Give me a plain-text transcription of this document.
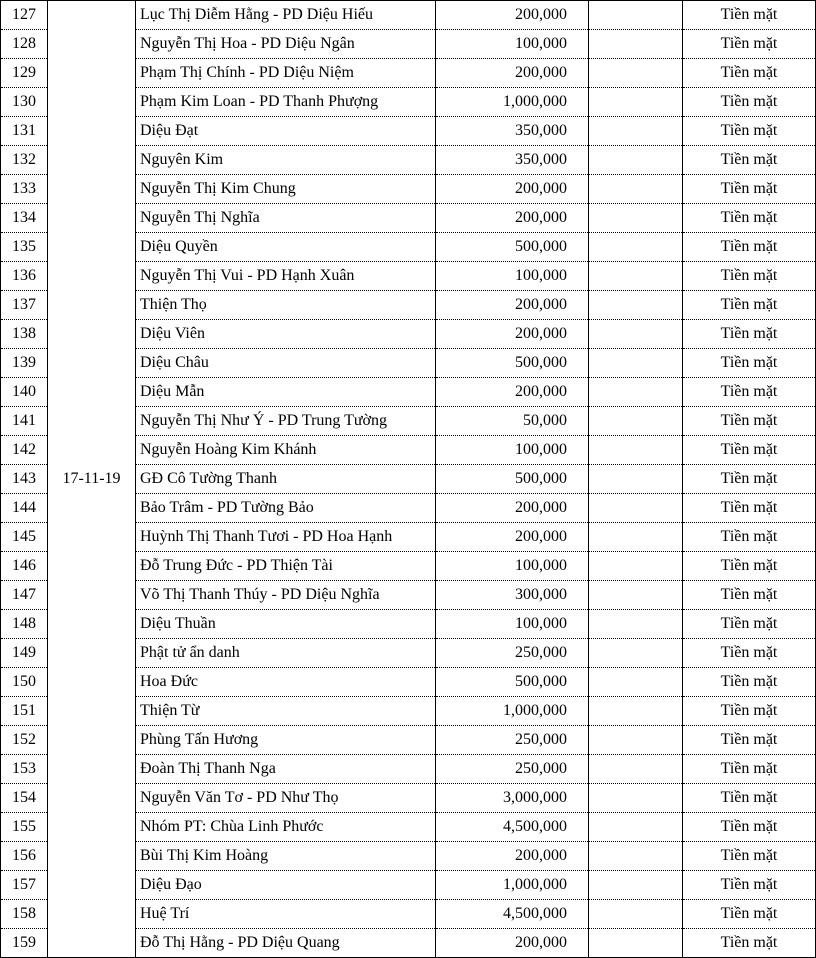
127	17-11-19	Lục Thị Diễm Hằng - PD Diệu Hiếu	200,000		Tiền mặt
128		Nguyễn Thị Hoa - PD Diệu Ngân	100,000		Tiền mặt
129		Phạm Thị Chính - PD Diệu Niệm	200,000		Tiền mặt
130		Phạm Kim Loan - PD Thanh Phượng	1,000,000		Tiền mặt
131		Diệu Đạt	350,000		Tiền mặt
132		Nguyên Kim	350,000		Tiền mặt
133		Nguyễn Thị Kim Chung	200,000		Tiền mặt
134		Nguyễn Thị Nghĩa	200,000		Tiền mặt
135		Diệu Quyền	500,000		Tiền mặt
136		Nguyễn Thị Vui - PD Hạnh Xuân	100,000		Tiền mặt
137		Thiện Thọ	200,000		Tiền mặt
138		Diệu Viên	200,000		Tiền mặt
139		Diệu Châu	500,000		Tiền mặt
140		Diệu Mẫn	200,000		Tiền mặt
141		Nguyễn Thị Như Ý - PD Trung Tường	50,000		Tiền mặt
142		Nguyễn Hoàng Kim Khánh	100,000		Tiền mặt
143		GĐ Cô Tường Thanh	500,000		Tiền mặt
144		Bảo Trâm - PD Tường Bảo	200,000		Tiền mặt
145		Huỳnh Thị Thanh Tươi - PD Hoa Hạnh	200,000		Tiền mặt
146		Đỗ Trung Đức - PD Thiện Tài	100,000		Tiền mặt
147		Võ Thị Thanh Thúy - PD Diệu Nghĩa	300,000		Tiền mặt
148		Diệu Thuần	100,000		Tiền mặt
149		Phật tử ẩn danh	250,000		Tiền mặt
150		Hoa Đức	500,000		Tiền mặt
151		Thiện Từ	1,000,000		Tiền mặt
152		Phùng Tấn Hương	250,000		Tiền mặt
153		Đoàn Thị Thanh Nga	250,000		Tiền mặt
154		Nguyễn Văn Tơ - PD Như Thọ	3,000,000		Tiền mặt
155		Nhóm PT: Chùa Linh Phước	4,500,000		Tiền mặt
156		Bùi Thị Kim Hoàng	200,000		Tiền mặt
157		Diệu Đạo	1,000,000		Tiền mặt
158		Huệ Trí	4,500,000		Tiền mặt
159		Đỗ Thị Hằng - PD Diệu Quang	200,000		Tiền mặt
